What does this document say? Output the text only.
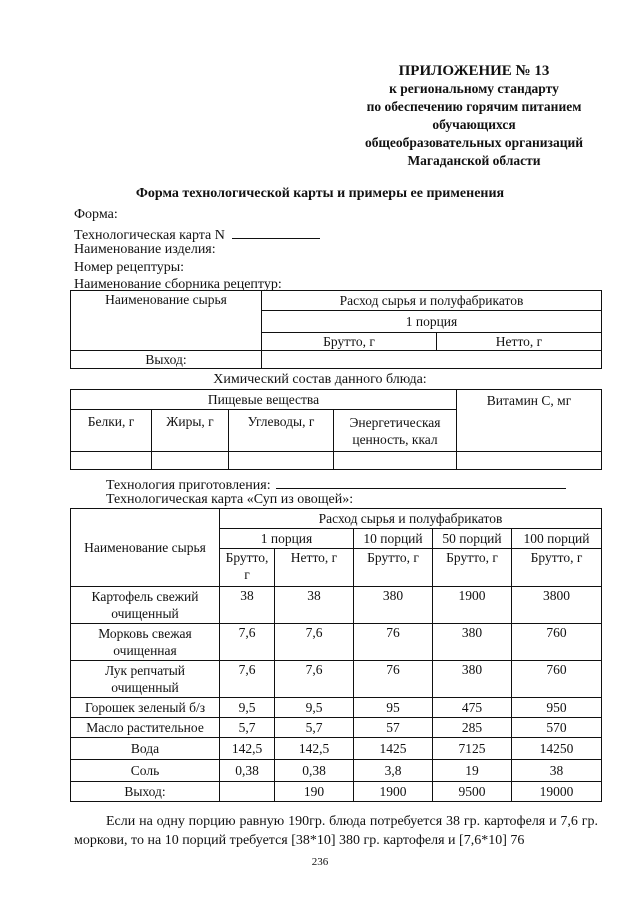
ПРИЛОЖЕНИЕ № 13
к региональному стандарту
по обеспечению горячим питанием
обучающихся
общеобразовательных организаций
Магаданской области
Форма технологической карты и примеры ее применения
Форма:
Технологическая карта N
Наименование изделия:
Номер рецептуры:
Наименование сборника рецептур:
Наименование сырья	Расход сырья и полуфабрикатов	
	1 порция	
	Брутто, г	Нетто, г
Выход:		
Химический состав данного блюда:
Пищевые вещества				Витамин С, мг
Белки, г	Жиры, г	Углеводы, г	Энергетическая ценность, ккал	

Технология приготовления:
Технологическая карта «Суп из овощей»:
Наименование сырья	Расход сырья и полуфабрикатов				
	1 порция		10 порций	50 порций	100 порций
	Брутто, г	Нетто, г	Брутто, г	Брутто, г	Брутто, г
Картофель свежий очищенный	38	38	380	1900	3800
Морковь свежая очищенная	7,6	7,6	76	380	760
Лук репчатый очищенный	7,6	7,6	76	380	760
Горошек зеленый б/з	9,5	9,5	95	475	950
Масло растительное	5,7	5,7	57	285	570
Вода	142,5	142,5	1425	7125	14250
Соль	0,38	0,38	3,8	19	38
Выход:		190	1900	9500	19000
Если на одну порцию равную 190гр. блюда потребуется 38 гр. картофеля и 7,6 гр. моркови, то на 10 порций требуется [38*10] 380 гр. картофеля и [7,6*10] 76
236
